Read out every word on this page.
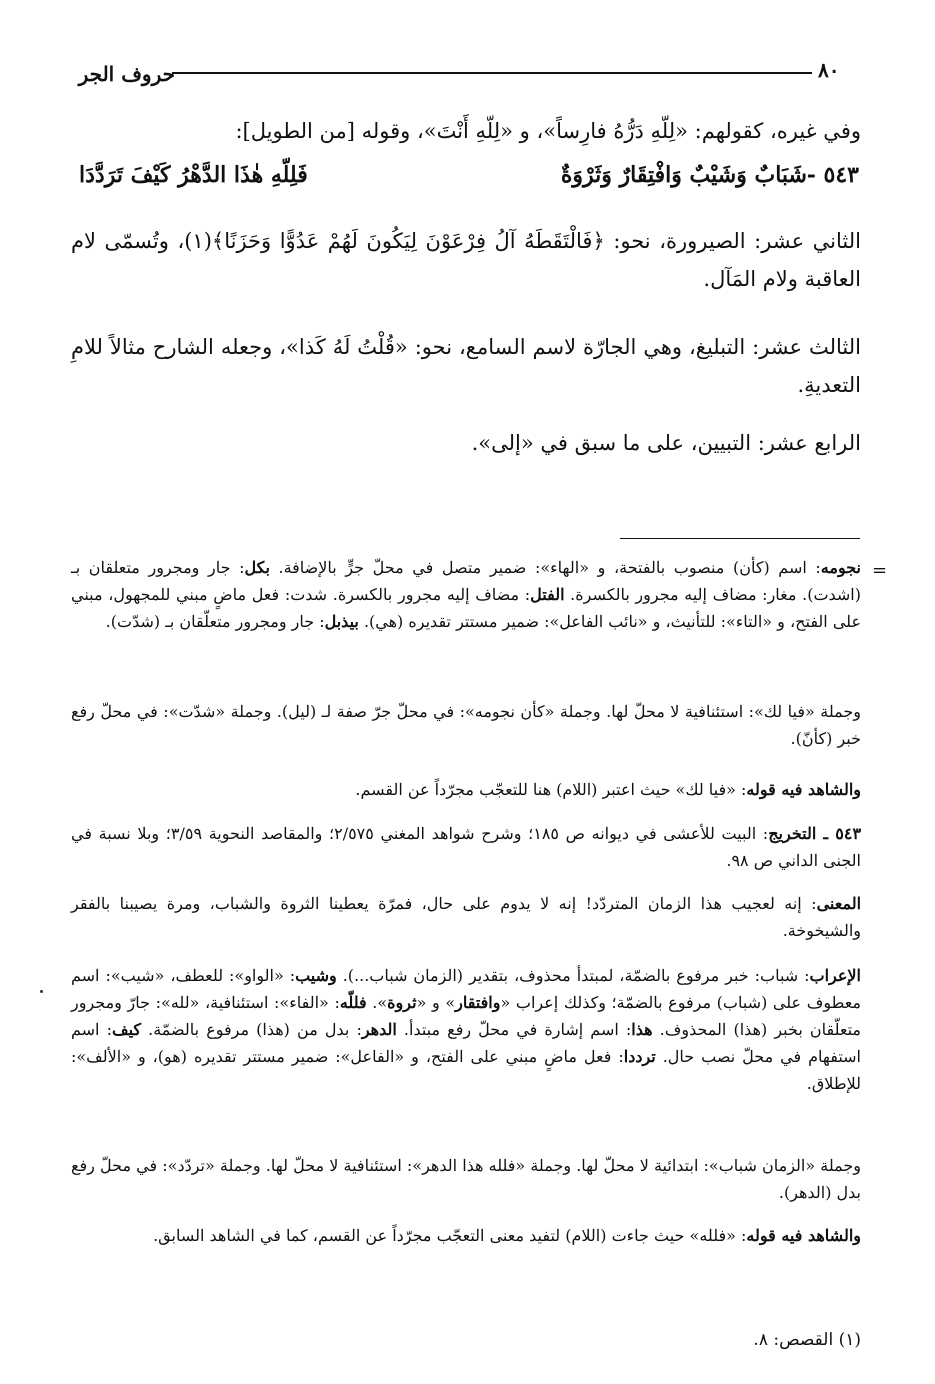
حروف الجر	٨٠
وفي غيره، كقولهم: «لِلّهِ دَرُّهُ فارِساً»، و «لِلّهِ أَنْتَ»، وقوله [من الطويل]:
٥٤٣ -
شَبَابٌ وَشَيْبٌ وَافْتِقَارٌ وَثَرْوَةٌ
فَلِلّهِ هٰذَا الدَّهْرُ كَيْفَ تَرَدَّدَا
الثاني عشر: الصيرورة، نحو: ﴿فَالْتَقَطَهُ آلُ فِرْعَوْنَ لِيَكُونَ لَهُمْ عَدُوًّا وَحَزَنًا﴾(١)، وتُسمّى لام العاقبة ولام المَآل.
الثالث عشر: التبليغ، وهي الجارّة لاسم السامع، نحو: «قُلْتُ لَهُ كَذا»، وجعله الشارح مثالاً للامِ التعديةِ.
الرابع عشر: التبيين، على ما سبق في «إلى».
=
نجومه: اسم (كأن) منصوب بالفتحة، و «الهاء»: ضمير متصل في محلّ جرٍّ بالإضافة. بكل: جار ومجرور متعلقان بـ (اشدت). مغار: مضاف إليه مجرور بالكسرة. الفتل: مضاف إليه مجرور بالكسرة. شدت: فعل ماضٍ مبني للمجهول، مبني على الفتح، و «التاء»: للتأنيث، و «نائب الفاعل»: ضمير مستتر تقديره (هي). بيذبل: جار ومجرور متعلّقان بـ (شدّت).
وجملة «فيا لك»: استئنافية لا محلّ لها. وجملة «كأن نجومه»: في محلّ جرّ صفة لـ (ليل). وجملة «شدّت»: في محلّ رفع خبر (كأنّ).
والشاهد فيه قوله: «فيا لك» حيث اعتبر (اللام) هنا للتعجّب مجرّداً عن القسم.
٥٤٣ ـ التخريج: البيت للأعشى في ديوانه ص ١٨٥؛ وشرح شواهد المغني ٢/٥٧٥؛ والمقاصد النحوية ٣/٥٩؛ وبلا نسبة في الجنى الداني ص ٩٨.
المعنى: إنه لعجيب هذا الزمان المتردّد! إنه لا يدوم على حال، فمرّة يعطينا الثروة والشباب، ومرة يصيبنا بالفقر والشيخوخة.
الإعراب: شباب: خبر مرفوع بالضمّة، لمبتدأ محذوف، بتقدير (الزمان شباب...). وشيب: «الواو»: للعطف، «شيب»: اسم معطوف على (شباب) مرفوع بالضمّة؛ وكذلك إعراب «وافتقار» و «ثروة». فللّه: «الفاء»: استئنافية، «لله»: جارّ ومجرور متعلّقان بخبر (هذا) المحذوف. هذا: اسم إشارة في محلّ رفع مبتدأ. الدهر: بدل من (هذا) مرفوع بالضمّة. كيف: اسم استفهام في محلّ نصب حال. ترددا: فعل ماضٍ مبني على الفتح، و «الفاعل»: ضمير مستتر تقديره (هو)، و «الألف»: للإطلاق.
وجملة «الزمان شباب»: ابتدائية لا محلّ لها. وجملة «فلله هذا الدهر»: استئنافية لا محلّ لها. وجملة «تردّد»: في محلّ رفع بدل (الدهر).
والشاهد فيه قوله: «فلله» حيث جاءت (اللام) لتفيد معنى التعجّب مجرّداً عن القسم، كما في الشاهد السابق.
(١) القصص: ٨.
